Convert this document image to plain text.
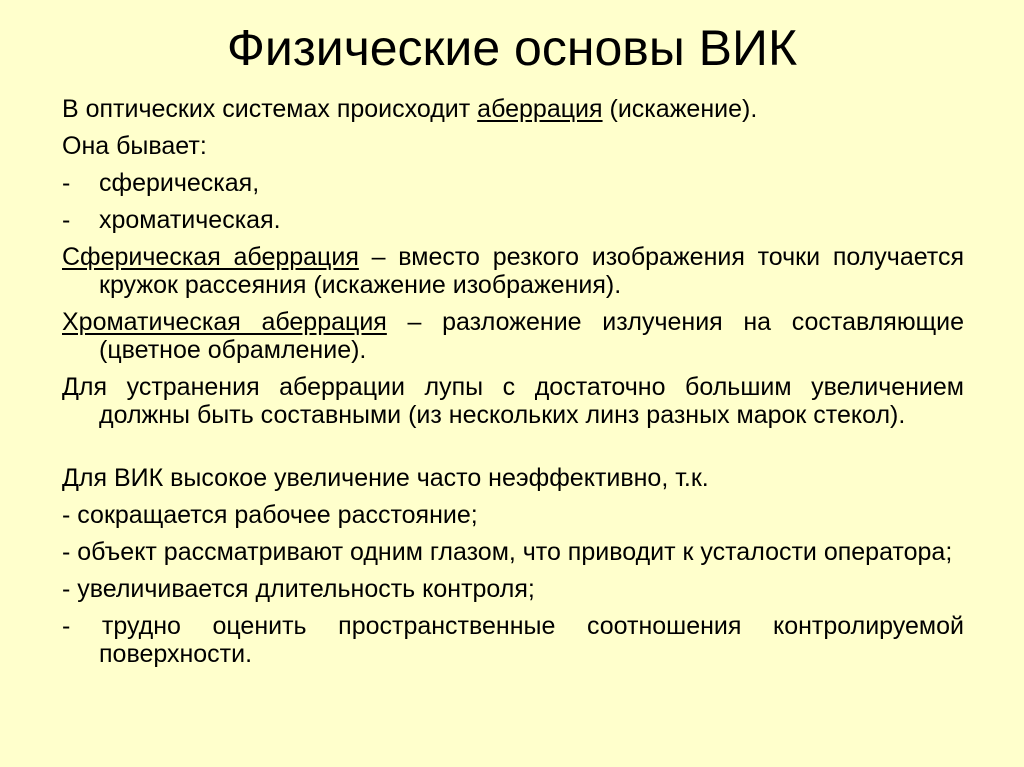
Физические основы ВИК
В оптических системах происходит аберрация (искажение).
Она бывает:
-	сферическая,
-	хроматическая.
Сферическая аберрация – вместо резкого изображения точки получается кружок рассеяния (искажение изображения).
Хроматическая аберрация – разложение излучения на составляющие (цветное обрамление).
Для устранения аберрации лупы с достаточно большим увеличением должны быть составными (из нескольких линз разных марок стекол).
Для ВИК высокое увеличение часто неэффективно, т.к.
- сокращается рабочее расстояние;
- объект рассматривают одним глазом, что приводит к усталости оператора;
- увеличивается длительность контроля;
- трудно оценить пространственные соотношения контролируемой поверхности.
